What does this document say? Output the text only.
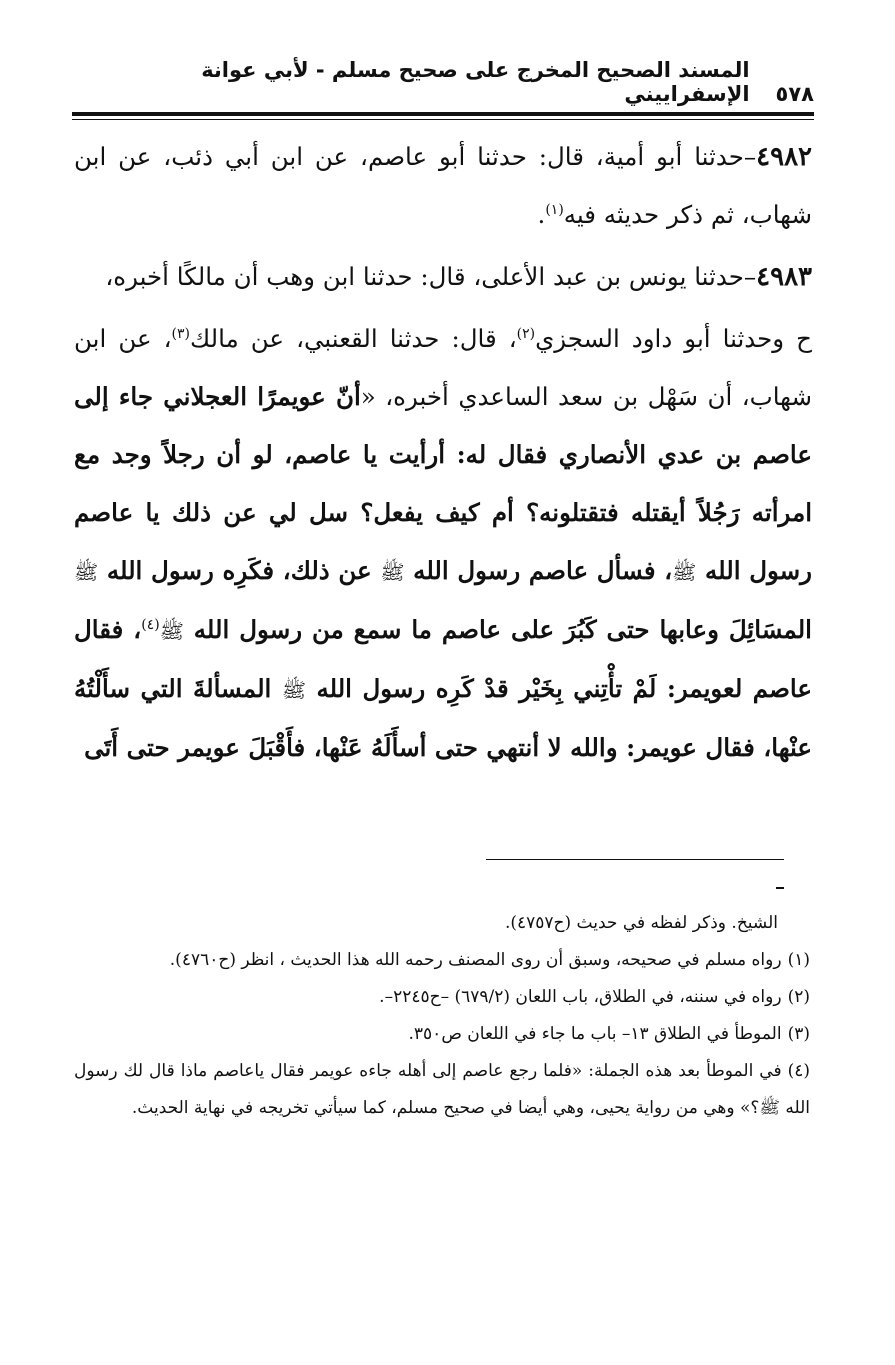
٥٧٨
المسند الصحيح المخرج على صحيح مسلم - لأبي عوانة الإسفراييني

٤٩٨٢–حدثنا أبو أمية، قال: حدثنا أبو عاصم، عن ابن أبي ذئب، عن ابن شهاب، ثم ذكر حديثه فيه$^{(١)}$.

٤٩٨٣–حدثنا يونس بن عبد الأعلى، قال: حدثنا ابن وهب أن مالكًا أخبره،

ح وحدثنا أبو داود السجزي$^{(٢)}$، قال: حدثنا القعنبي، عن مالك$^{(٣)}$، عن ابن شهاب، أن سَهْل بن سعد الساعدي أخبره، «أنّ عويمرًا العجلاني جاء إلى عاصم بن عدي الأنصاري فقال له: أرأيت يا عاصم، لو أن رجلاً وجد مع امرأته رَجُلاً أيقتله فتقتلونه؟ أم كيف يفعل؟ سل لي عن ذلك يا عاصم رسول الله ﷺ، فسأل عاصم رسول الله ﷺ عن ذلك، فكَرِه رسول الله ﷺ المسَائِلَ وعابها حتى كَبُرَ على عاصم ما سمع من رسول الله ﷺ$^{(٤)}$، فقال عاصم لعويمر: لَمْ تأْتِني بِخَيْر قدْ كَرِه رسول الله ﷺ المسألةَ التي سأَلْتُهُ عنْها، فقال عويمر: والله لا أنتهي حتى أسأَلَهُ عَنْها، فأَقْبَلَ عويمر حتى أَتَى

الشيخ. وذكر لفظه في حديث (ح٤٧٥٧).

(١)رواه مسلم في صحيحه، وسبق أن روى المصنف رحمه الله هذا الحديث ، انظر (ح٤٧٦٠).

(٢)رواه في سننه، في الطلاق، باب اللعان (٦٧٩/٢) –ح٢٢٤٥–.

(٣)الموطأ في الطلاق ١٣– باب ما جاء في اللعان ص٣٥٠.

(٤)في الموطأ بعد هذه الجملة: «فلما رجع عاصم إلى أهله جاءه عويمر فقال ياعاصم ماذا قال لك رسول الله ﷺ؟» وهي من رواية يحيى، وهي أيضا في صحيح مسلم، كما سيأتي تخريجه في نهاية الحديث.
